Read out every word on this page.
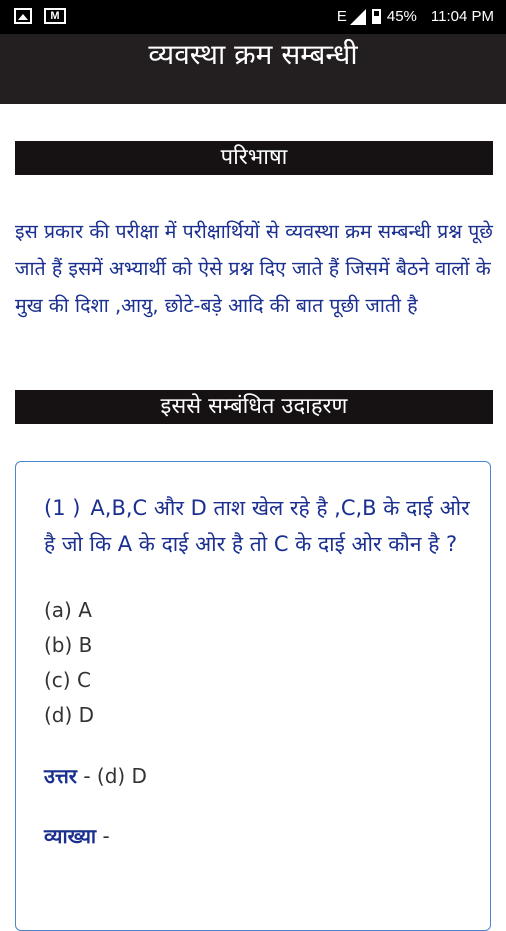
M	E	45% 11:04 PM
व्यवस्था क्रम सम्बन्धी
परिभाषा
इस प्रकार की परीक्षा में परीक्षार्थियों से व्यवस्था क्रम सम्बन्धी प्रश्न पूछे जाते हैं इसमें अभ्यार्थी को ऐसे प्रश्न दिए जाते हैं जिसमें बैठने वालों के मुख की दिशा ,आयु, छोटे-बड़े आदि की बात पूछी जाती है
इससे सम्बंधित उदाहरण
(1 ) A,B,C और D ताश खेल रहे है ,C,B के दाई ओर है जो कि A के दाई ओर है तो C के दाई ओर कौन है ?
(a) A
(b) B
(c) C
(d) D
उत्तर - (d) D
व्याख्या -
